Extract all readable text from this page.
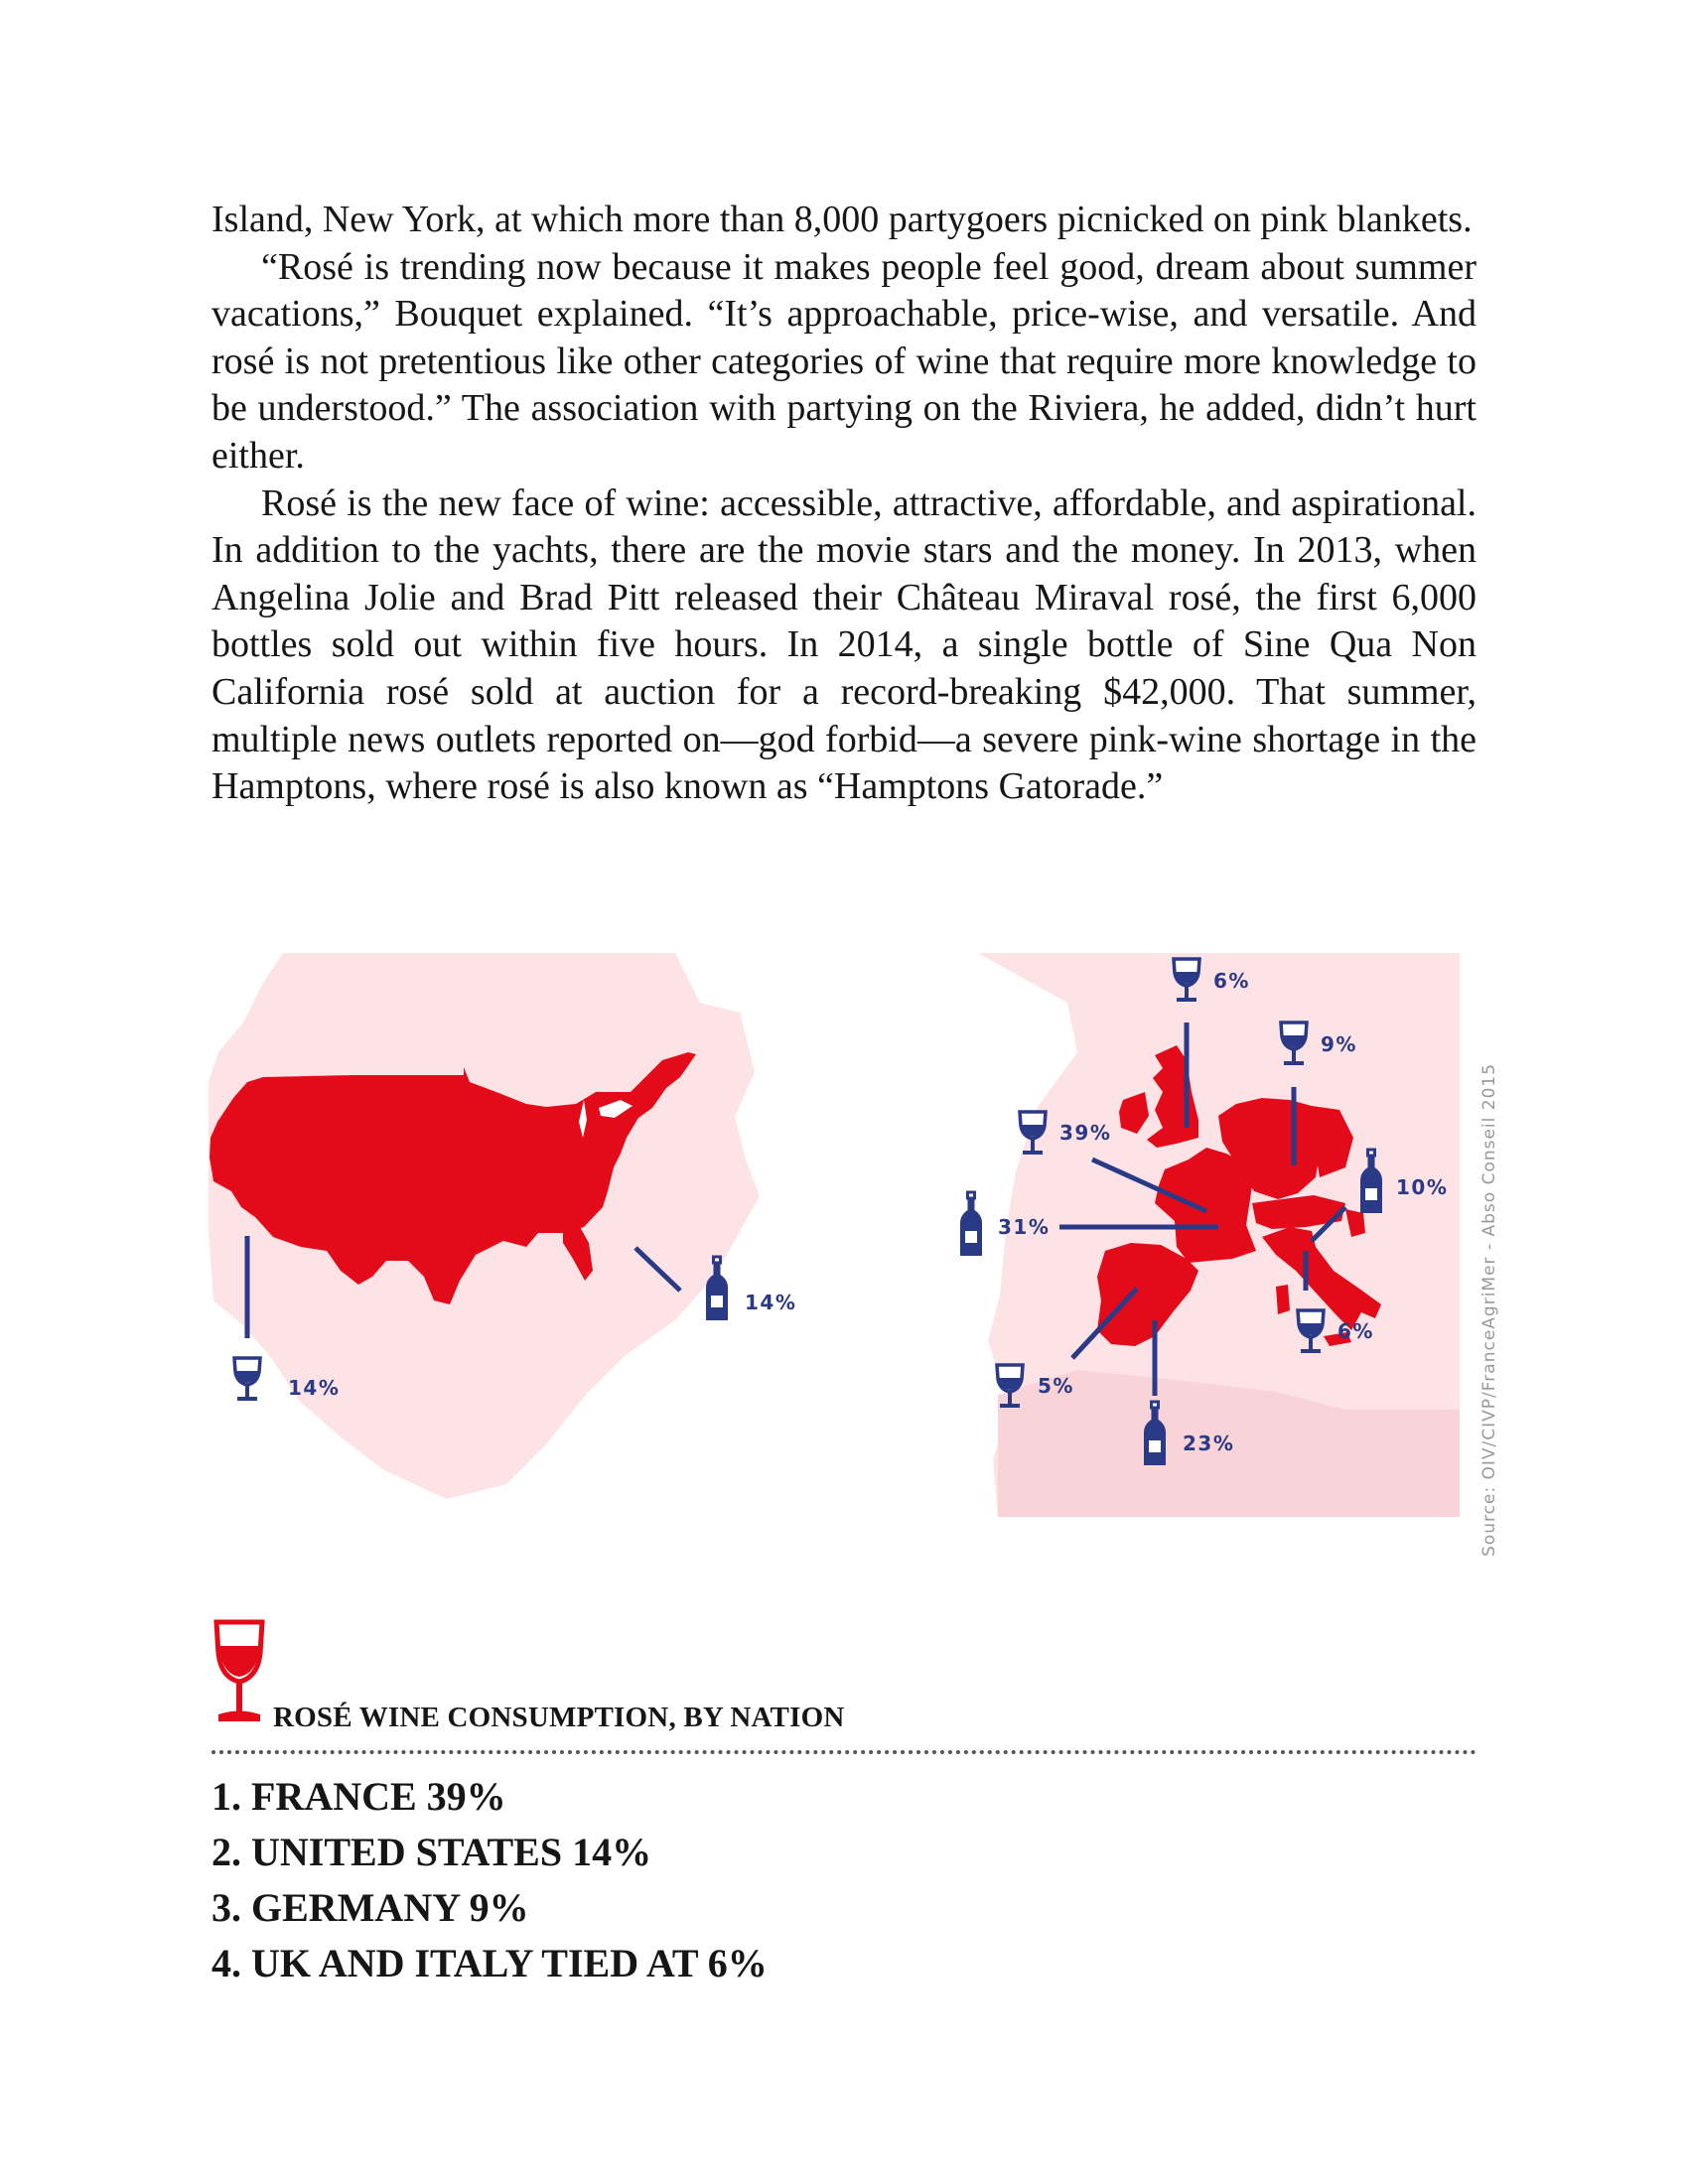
Island, New York, at which more than 8,000 partygoers picnicked on pink blankets.

“Rosé is trending now because it makes people feel good, dream about summer vacations,” Bouquet explained. “It’s approachable, price-wise, and versatile. And rosé is not pretentious like other categories of wine that require more knowledge to be understood.” The association with partying on the Riviera, he added, didn’t hurt either.

Rosé is the new face of wine: accessible, attractive, affordable, and aspirational. In addition to the yachts, there are the movie stars and the money. In 2013, when Angelina Jolie and Brad Pitt released their Château Miraval rosé, the first 6,000 bottles sold out within five hours. In 2014, a single bottle of Sine Qua Non California rosé sold at auction for a record-breaking $42,000. That summer, multiple news outlets reported on—god forbid—a severe pink-wine shortage in the Hamptons, where rosé is also known as “Hamptons Gatorade.”

14%
14%
6%
9%
39%
31%
10%
6%
5%
23%	Source: OIV/CIVP/FranceAgriMer - Abso Conseil 2015
ROSÉ WINE CONSUMPTION, BY NATION
1. FRANCE 39%
2. UNITED STATES 14%
3. GERMANY 9%
4. UK AND ITALY TIED AT 6%
